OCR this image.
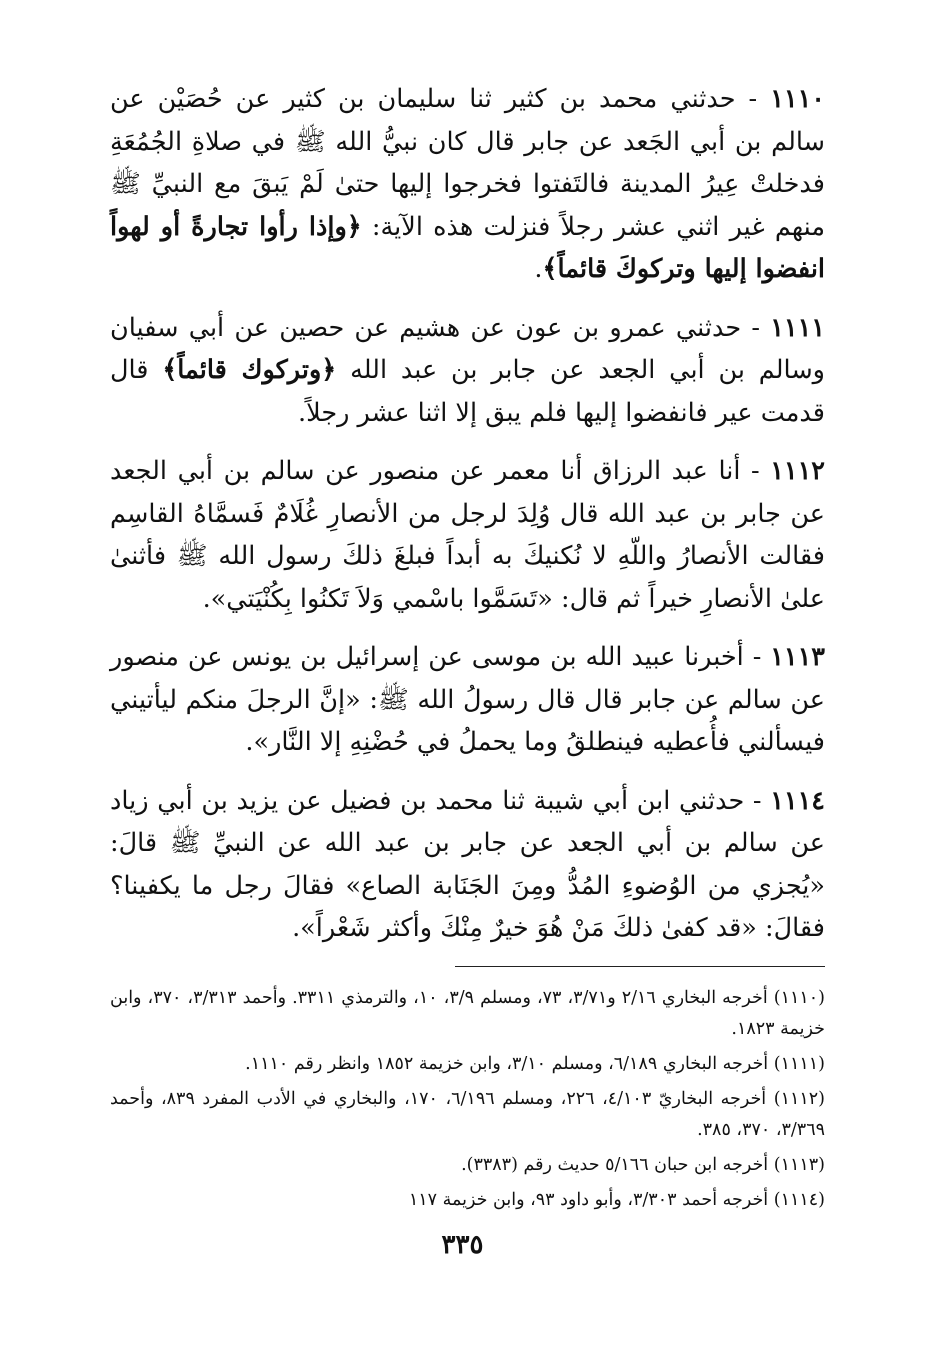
١١١٠ - حدثني محمد بن كثير ثنا سليمان بن كثير عن حُصَيْن عن سالم بن أبي الجَعد عن جابر قال كان نبيُّ الله ﷺ في صلاةِ الجُمُعَةِ فدخلتْ عِيرُ المدينة فالتَفتوا فخرجوا إليها حتىٰ لَمْ يَبقَ مع النبيِّ ﷺ منهم غير اثني عشر رجلاً فنزلت هذه الآية: ﴿وإذا رأوا تجارةً أو لهواً انفضوا إليها وتركوكَ قائماً﴾.

١١١١ - حدثني عمرو بن عون عن هشيم عن حصين عن أبي سفيان وسالم بن أبي الجعد عن جابر بن عبد الله ﴿وتركوك قائماً﴾ قال قدمت عير فانفضوا إليها فلم يبق إلا اثنا عشر رجلاً.

١١١٢ - أنا عبد الرزاق أنا معمر عن منصور عن سالم بن أبي الجعد عن جابر بن عبد الله قال وُلِدَ لرجل من الأنصارِ غُلَامٌ فَسمَّاهُ القاسِم فقالت الأنصارُ واللّهِ لا نُكنيكَ به أبداً فبلغَ ذلكَ رسول الله ﷺ فأثنىٰ علىٰ الأنصارِ خيراً ثم قال: «تَسَمَّوا باسْمي وَلاَ تَكنُوا بِكُنْيَتي».

١١١٣ - أخبرنا عبيد الله بن موسى عن إسرائيل بن يونس عن منصور عن سالم عن جابر قال قال رسولُ الله ﷺ: «إنَّ الرجلَ منكم ليأتيني فيسألني فأُعطيه فينطلقُ وما يحملُ في حُضْنِهِ إلا النَّار».

١١١٤ - حدثني ابن أبي شيبة ثنا محمد بن فضيل عن يزيد بن أبي زياد عن سالم بن أبي الجعد عن جابر بن عبد الله عن النبيِّ ﷺ قالَ: «يُجزي من الوُضوءِ المُدُّ ومِنَ الجَنَابة الصاع» فقالَ رجل ما يكفينا؟ فقالَ: «قد كفىٰ ذلكَ مَنْ هُوَ خيرٌ مِنْكَ وأكثر شَعْراً».

(١١١٠) أخرجه البخاري ٢/١٦ و٣/٧١، ٧٣، ومسلم ٣/٩، ١٠، والترمذي ٣٣١١. وأحمد ٣/٣١٣، ٣٧٠، وابن خزيمة ١٨٢٣.

(١١١١) أخرجه البخاري ٦/١٨٩، ومسلم ٣/١٠، وابن خزيمة ١٨٥٢ وانظر رقم ١١١٠.

(١١١٢) أخرجه البخاريّ ٤/١٠٣، ٢٢٦، ومسلم ٦/١٩٦، ١٧٠، والبخاري في الأدب المفرد ٨٣٩، وأحمد ٣/٣٦٩، ٣٧٠، ٣٨٥.

(١١١٣) أخرجه ابن حبان ٥/١٦٦ حديث رقم (٣٣٨٣).

(١١١٤) أخرجه أحمد ٣/٣٠٣، وأبو داود ٩٣، وابن خزيمة ١١٧

٣٣٥
